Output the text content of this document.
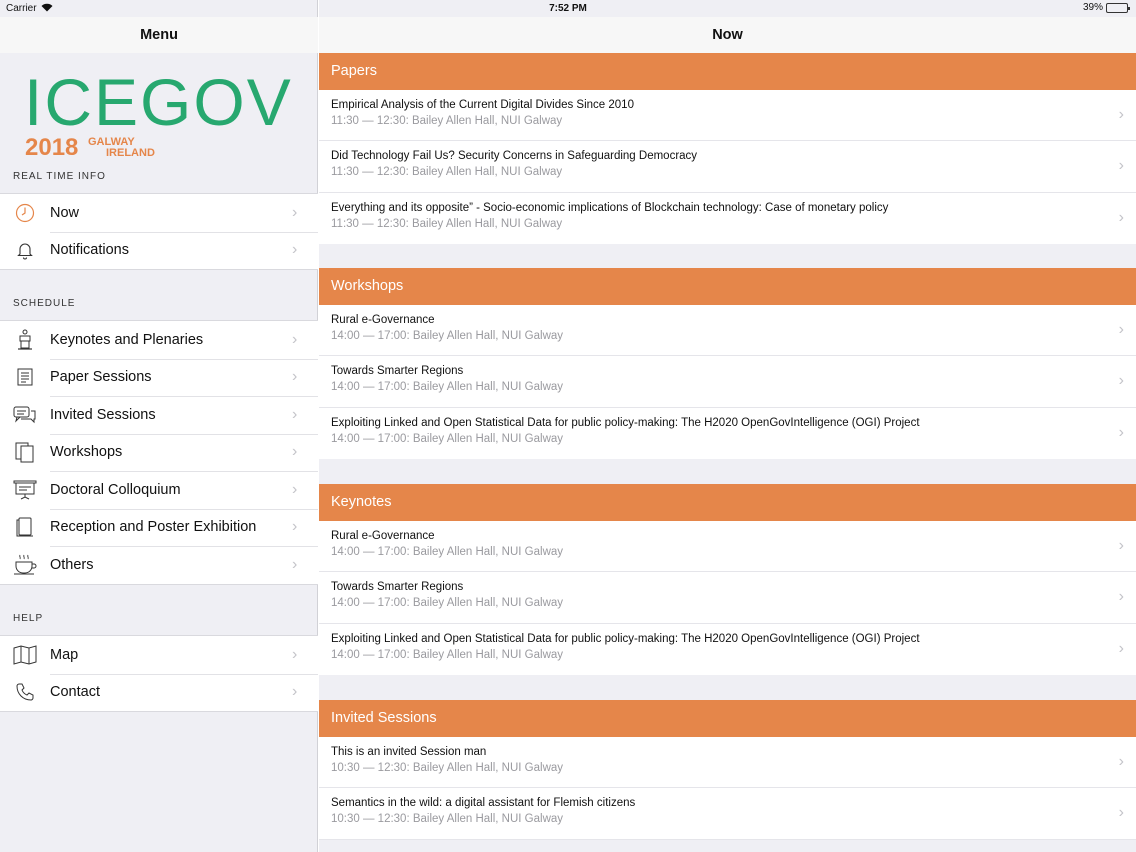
Menu
ICEGOV
2018 GALWAY
IRELAND
REAL TIME INFO
Now	›
Notifications	›
SCHEDULE
Keynotes and Plenaries	›
Paper Sessions	›
Invited Sessions	›
Workshops	›
Doctoral Colloquium	›
Reception and Poster Exhibition	›
Others	›
HELP
Map	›
Contact	›
Now
Papers
Empirical Analysis of the Current Digital Divides Since 2010
11:30 — 12:30: Bailey Allen Hall, NUI Galway	›
Did Technology Fail Us? Security Concerns in Safeguarding Democracy
11:30 — 12:30: Bailey Allen Hall, NUI Galway	›
Everything and its opposite” - Socio-economic implications of Blockchain technology: Case of monetary policy
11:30 — 12:30: Bailey Allen Hall, NUI Galway	›
Workshops
Rural e-Governance
14:00 — 17:00: Bailey Allen Hall, NUI Galway	›
Towards Smarter Regions
14:00 — 17:00: Bailey Allen Hall, NUI Galway	›
Exploiting Linked and Open Statistical Data for public policy-making: The H2020 OpenGovIntelligence (OGI) Project
14:00 — 17:00: Bailey Allen Hall, NUI Galway	›
Keynotes
Rural e-Governance
14:00 — 17:00: Bailey Allen Hall, NUI Galway	›
Towards Smarter Regions
14:00 — 17:00: Bailey Allen Hall, NUI Galway	›
Exploiting Linked and Open Statistical Data for public policy-making: The H2020 OpenGovIntelligence (OGI) Project
14:00 — 17:00: Bailey Allen Hall, NUI Galway	›
Invited Sessions
This is an invited Session man
10:30 — 12:30: Bailey Allen Hall, NUI Galway	›
Semantics in the wild: a digital assistant for Flemish citizens
10:30 — 12:30: Bailey Allen Hall, NUI Galway	›
Carrier	7:52 PM	39%
